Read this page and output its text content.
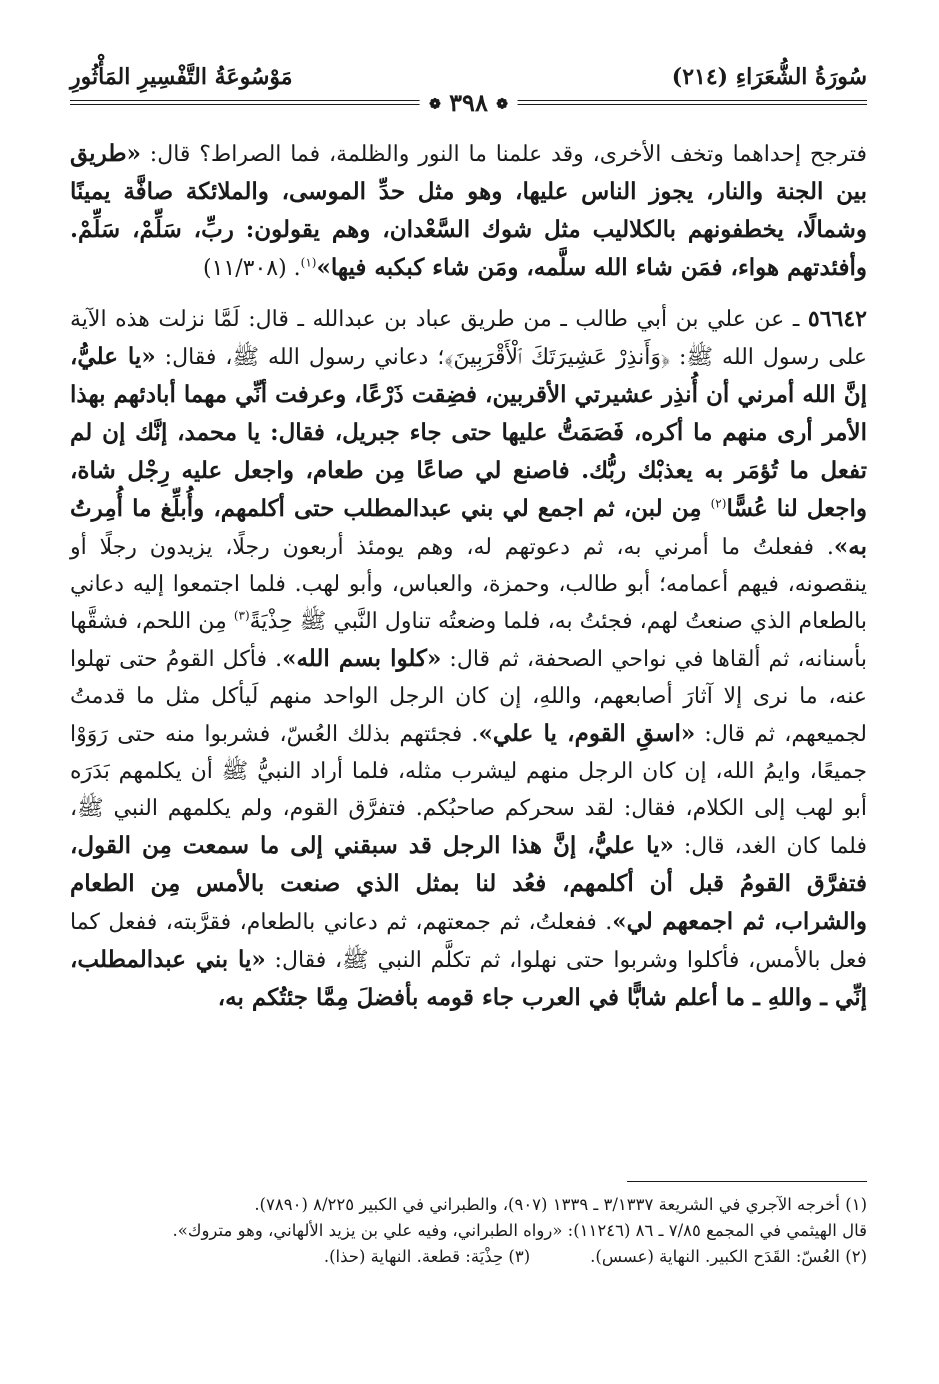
سُورَةُ الشُّعَرَاءِ (٢١٤)
مَوْسُوعَةُ التَّفْسِيرِ المَأْثُورِ
❁ ٣٩٨ ❁

فترجح إحداهما وتخف الأخرى، وقد علمنا ما النور والظلمة، فما الصراط؟ قال: «طريق بين الجنة والنار، يجوز الناس عليها، وهو مثل حدِّ الموسى، والملائكة صافَّة يمينًا وشمالًا، يخطفونهم بالكلاليب مثل شوك السَّعْدان، وهم يقولون: ربِّ، سَلِّمْ، سَلِّمْ. وأفئدتهم هواء، فمَن شاء الله سلَّمه، ومَن شاء كبكبه فيها»$^{(١)}$. (١١/٣٠٨)

٥٦٦٤٢ ـ عن علي بن أبي طالب ـ من طريق عباد بن عبدالله ـ قال: لَمَّا نزلت هذه الآية على رسول الله ﷺ: ﴿وَأَنذِرْ عَشِيرَتَكَ ٱلْأَقْرَبِينَ﴾؛ دعاني رسول الله ﷺ، فقال: «يا عليُّ، إنَّ الله أمرني أن أُنذِر عشيرتي الأقربين، فضِقت ذَرْعًا، وعرفت أنِّي مهما أبادئهم بهذا الأمر أرى منهم ما أكره، فَصَمَتُّ عليها حتى جاء جبريل، فقال: يا محمد، إنَّك إن لم تفعل ما تُؤمَر به يعذبْك ربُّك. فاصنع لي صاعًا مِن طعام، واجعل عليه رِجْل شاة، واجعل لنا عُسًّا$^{(٢)}$ مِن لبن، ثم اجمع لي بني عبدالمطلب حتى أكلمهم، وأُبلِّغ ما أُمِرتُ به». ففعلتُ ما أمرني به، ثم دعوتهم له، وهم يومئذ أربعون رجلًا، يزيدون رجلًا أو ينقصونه، فيهم أعمامه؛ أبو طالب، وحمزة، والعباس، وأبو لهب. فلما اجتمعوا إليه دعاني بالطعام الذي صنعتُ لهم، فجئتُ به، فلما وضعتُه تناول النَّبي ﷺ حِذْيَةً$^{(٣)}$ مِن اللحم، فشقَّها بأسنانه، ثم ألقاها في نواحي الصحفة، ثم قال: «كلوا بسم الله». فأكل القومُ حتى تهلوا عنه، ما نرى إلا آثارَ أصابعهم، واللهِ، إن كان الرجل الواحد منهم لَيأكل مثل ما قدمتُ لجميعهم، ثم قال: «اسقِ القوم، يا علي». فجئتهم بذلك العُسّ، فشربوا منه حتى رَوَوْا جميعًا، وايمُ الله، إن كان الرجل منهم ليشرب مثله، فلما أراد النبيُّ ﷺ أن يكلمهم بَدَرَه أبو لهب إلى الكلام، فقال: لقد سحركم صاحبُكم. فتفرَّق القوم، ولم يكلمهم النبي ﷺ، فلما كان الغد، قال: «يا عليُّ، إنَّ هذا الرجل قد سبقني إلى ما سمعت مِن القول، فتفرَّق القومُ قبل أن أكلمهم، فعُد لنا بمثل الذي صنعت بالأمس مِن الطعام والشراب، ثم اجمعهم لي». ففعلتُ، ثم جمعتهم، ثم دعاني بالطعام، فقرَّبته، ففعل كما فعل بالأمس، فأكلوا وشربوا حتى نهلوا، ثم تكلَّم النبي ﷺ، فقال: «يا بني عبدالمطلب، إنِّي ـ واللهِ ـ ما أعلم شابًّا في العرب جاء قومه بأفضلَ مِمَّا جئتُكم به،

(١) أخرجه الآجري في الشريعة ٣/١٣٣٧ ـ ١٣٣٩ (٩٠٧)، والطبراني في الكبير ٨/٢٢٥ (٧٨٩٠).

قال الهيثمي في المجمع ٧/٨٥ ـ ٨٦ (١١٢٤٦): «رواه الطبراني، وفيه علي بن يزيد الألهاني، وهو متروك».

(٢) العُسّ: القَدَح الكبير. النهاية (عسس).

(٣) حِذْيَة: قطعة. النهاية (حذا).
